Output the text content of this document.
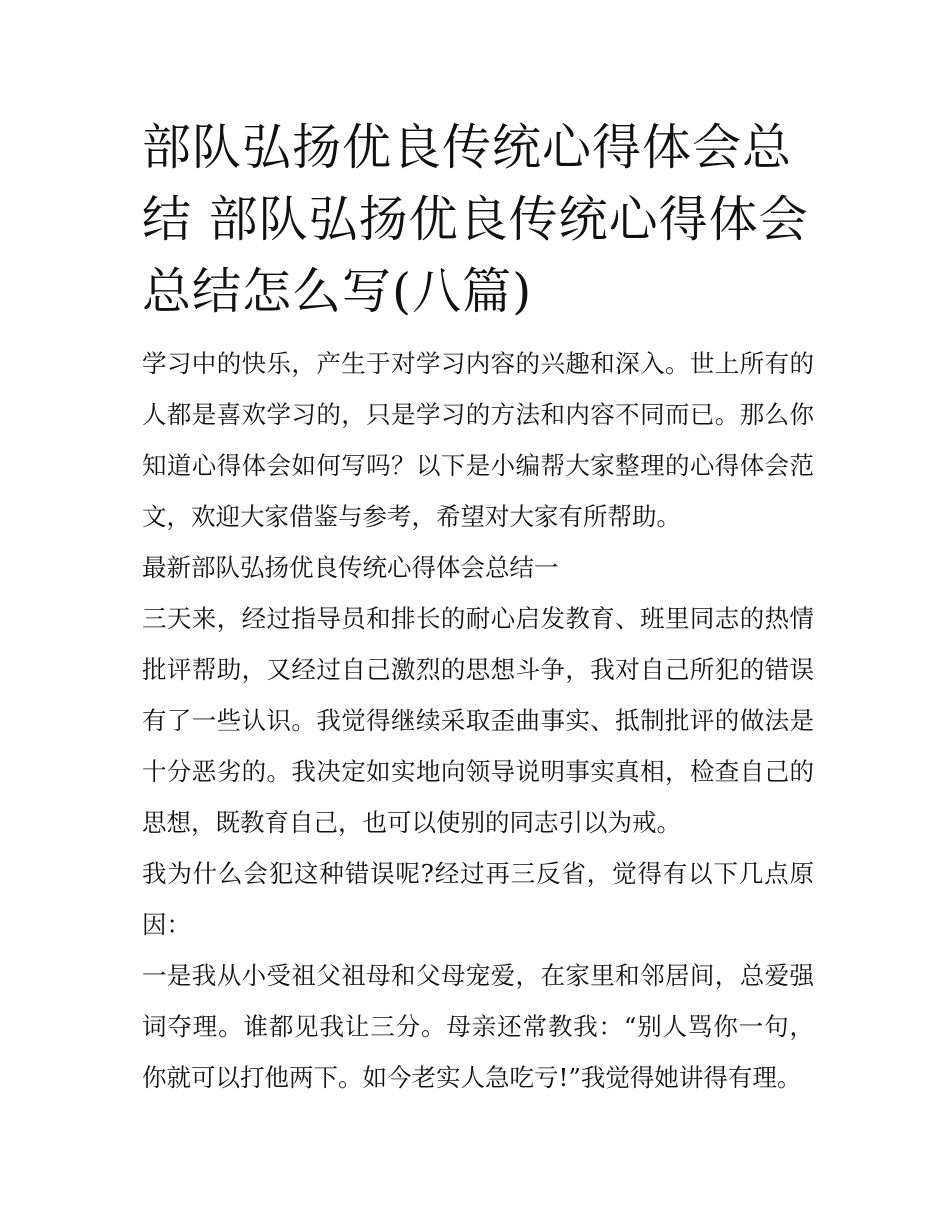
部队弘扬优良传统心得体会总结 部队弘扬优良传统心得体会总结怎么写(八篇)

学习中的快乐，产生于对学习内容的兴趣和深入。世上所有的人都是喜欢学习的，只是学习的方法和内容不同而已。那么你知道心得体会如何写吗？以下是小编帮大家整理的心得体会范文，欢迎大家借鉴与参考，希望对大家有所帮助。

最新部队弘扬优良传统心得体会总结一

三天来，经过指导员和排长的耐心启发教育、班里同志的热情批评帮助，又经过自己激烈的思想斗争，我对自己所犯的错误有了一些认识。我觉得继续采取歪曲事实、抵制批评的做法是十分恶劣的。我决定如实地向领导说明事实真相，检查自己的思想，既教育自己，也可以使别的同志引以为戒。

我为什么会犯这种错误呢?经过再三反省，觉得有以下几点原因：

一是我从小受祖父祖母和父母宠爱，在家里和邻居间，总爱强词夺理。谁都见我让三分。母亲还常教我：“别人骂你一句，你就可以打他两下。如今老实人急吃亏!”我觉得她讲得有理。
